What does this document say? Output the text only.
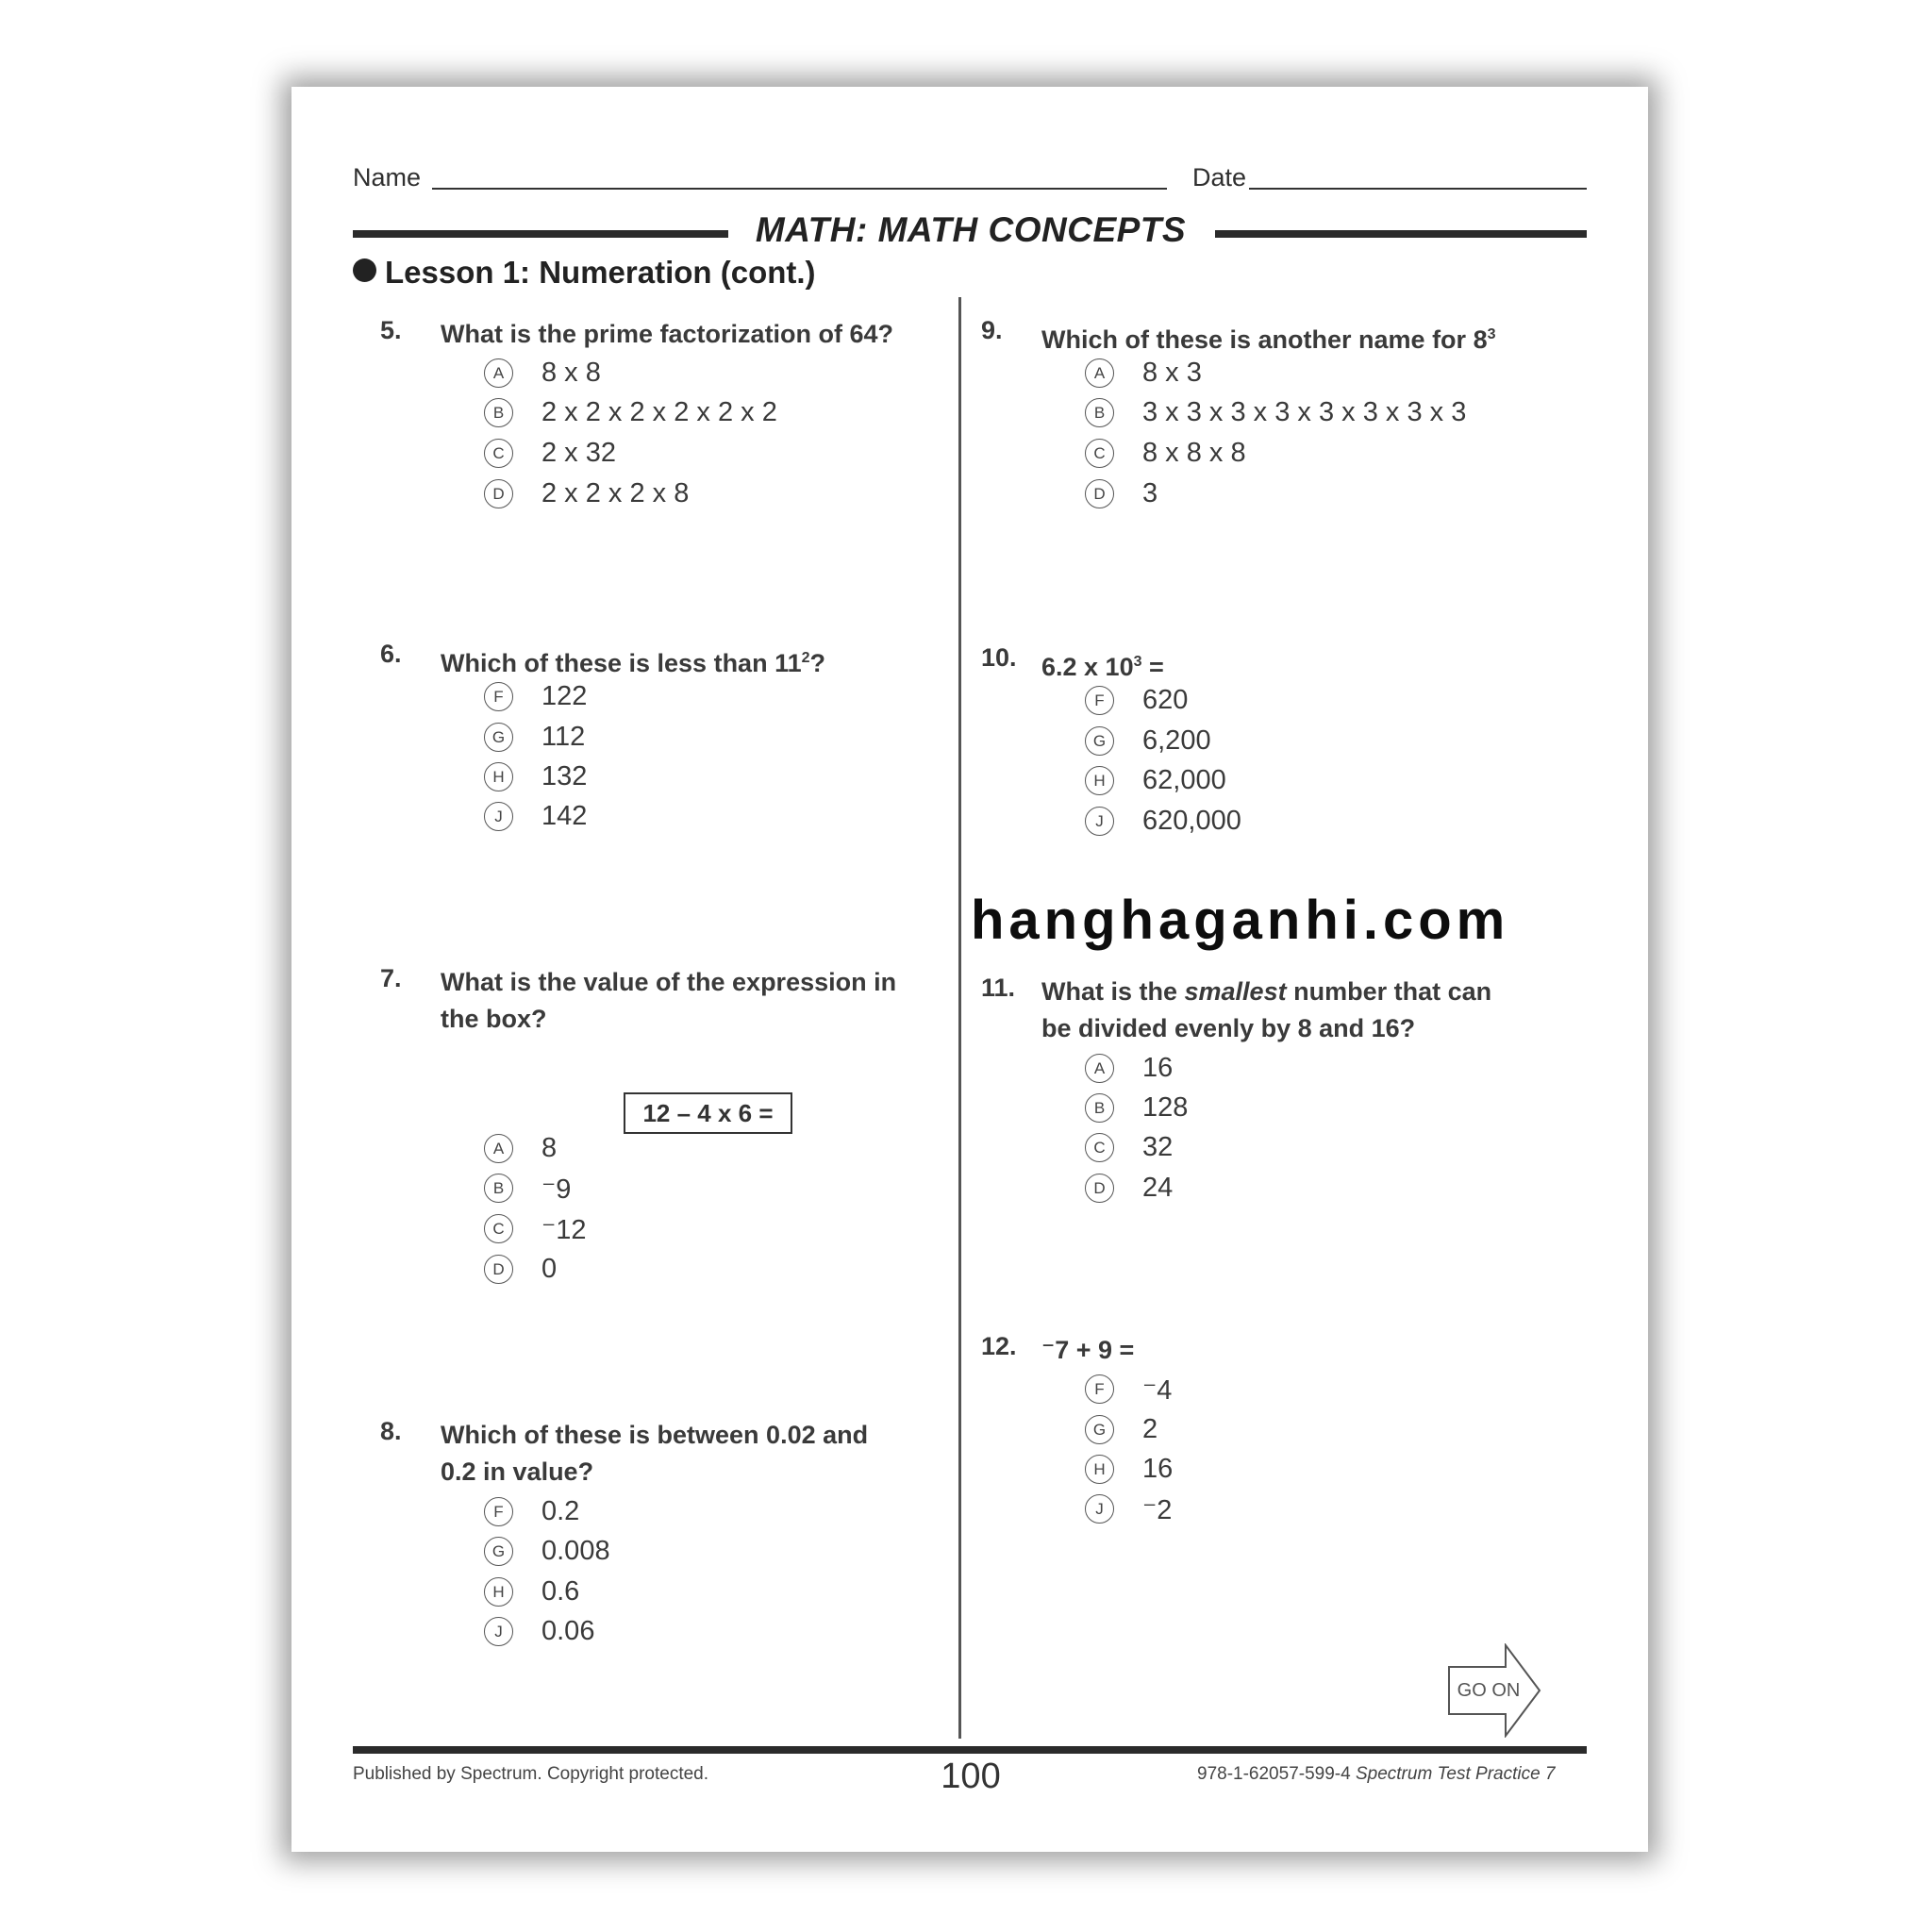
Name	Date
MATH: MATH CONCEPTS
Lesson 1: Numeration (cont.)
5. What is the prime factorization of 64?
A	8 x 8
B	2 x 2 x 2 x 2 x 2 x 2
C	2 x 32
D	2 x 2 x 2 x 8
6. Which of these is less than $11^2$?
F	122
G	112
H	132
J	142
7. What is the value of the expression in
the box?
A	8
B	⁻9
C	⁻12
D	0
12 – 4 x 6 =
8. Which of these is between 0.02 and
0.2 in value?
F	0.2
G	0.008
H	0.6
J	0.06
9. Which of these is another name for $8^3$
A	8 x 3
B	3 x 3 x 3 x 3 x 3 x 3 x 3 x 3
C	8 x 8 x 8
D	3
10. 6.2 x $10^3$ =
F	620
G	6,200
H	62,000
J	620,000
hanghaganhi.com
11. What is the smallest number that can
be divided evenly by 8 and 16?
A	16
B	128
C	32
D	24
12. ⁻7 + 9 =
F	⁻4
G	2
H	16
J	⁻2
GO ON
Published by Spectrum. Copyright protected.	100	978-1-62057-599-4 Spectrum Test Practice 7
